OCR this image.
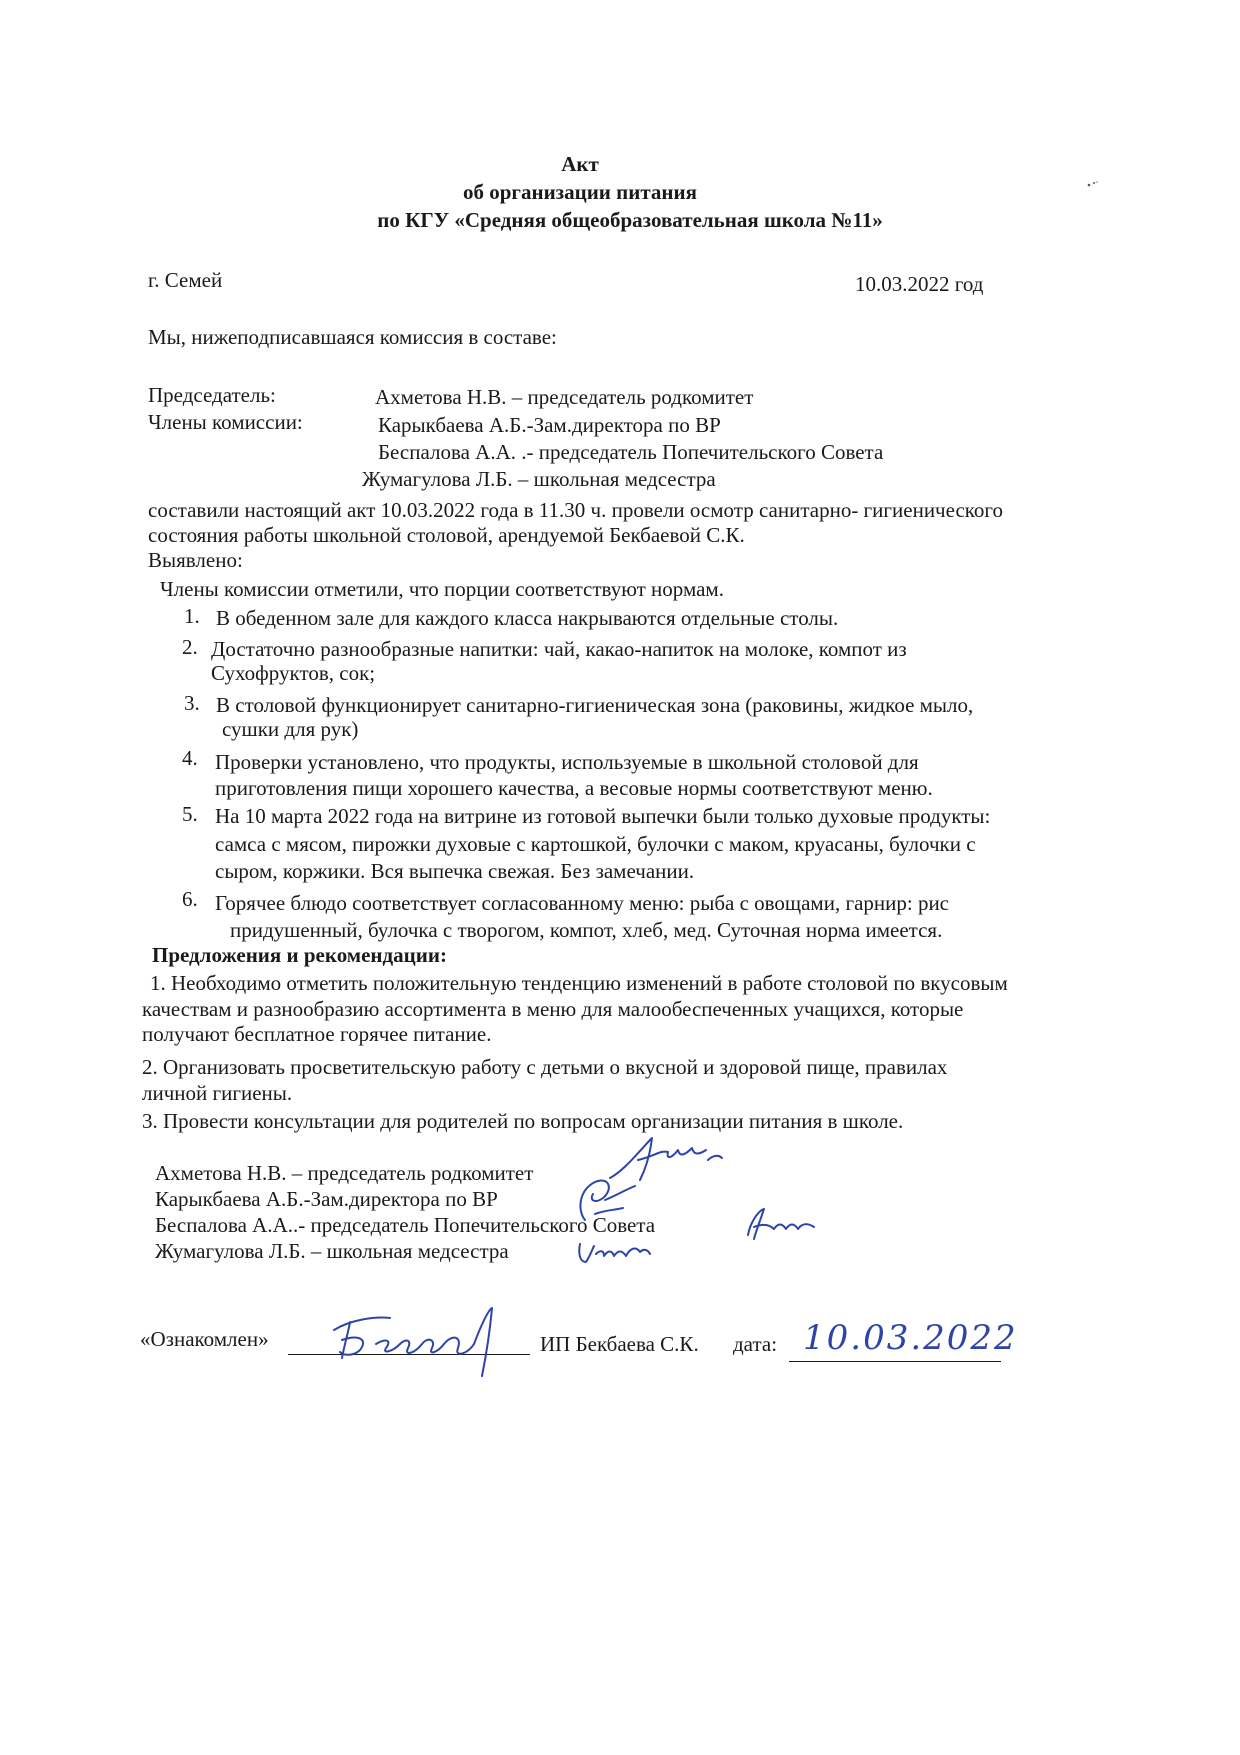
Акт
об организации питания
по КГУ «Средняя общеобразовательная школа №11»
г. Семей	10.03.2022 год
Мы, нижеподписавшаяся комиссия в составе:
Председатель:	Ахметова Н.В. – председатель родкомитет
Члены комиссии:	Карыкбаева А.Б.-Зам.директора по ВР
Беспалова А.А. .- председатель Попечительского Совета
Жумагулова Л.Б. – школьная медсестра
составили настоящий акт 10.03.2022 года в 11.30 ч. провели осмотр санитарно- гигиенического
состояния работы школьной столовой, арендуемой Бекбаевой С.К.
Выявлено:
Члены комиссии отметили, что порции соответствуют нормам.
1. В обеденном зале для каждого класса накрываются отдельные столы.
2. Достаточно разнообразные напитки: чай, какао-напиток на молоке, компот из
Сухофруктов, сок;
3. В столовой функционирует санитарно-гигиеническая зона (раковины, жидкое мыло,
сушки для рук)
4. Проверки установлено, что продукты, используемые в школьной столовой для
приготовления пищи хорошего качества, а весовые нормы соответствуют меню.
5. На 10 марта 2022 года на витрине из готовой выпечки были только духовые продукты:
самса с мясом, пирожки духовые с картошкой, булочки с маком, круасаны, булочки с
сыром, коржики. Вся выпечка свежая. Без замечании.
6. Горячее блюдо соответствует согласованному меню: рыба с овощами, гарнир: рис
придушенный, булочка с творогом, компот, хлеб, мед. Суточная норма имеется.
Предложения и рекомендации:
1. Необходимо отметить положительную тенденцию изменений в работе столовой по вкусовым
качествам и разнообразию ассортимента в меню для малообеспеченных учащихся, которые
получают бесплатное горячее питание.
2. Организовать просветительскую работу с детьми о вкусной и здоровой пище, правилах
личной гигиены.
3. Провести консультации для родителей по вопросам организации питания в школе.
Ахметова Н.В. – председатель родкомитет
Карыкбаева А.Б.-Зам.директора по ВР
Беспалова А.А..- председатель Попечительского Совета
Жумагулова Л.Б. – школьная медсестра
«Ознакомлен»	ИП Бекбаева С.К. дата: 10.03.2022
